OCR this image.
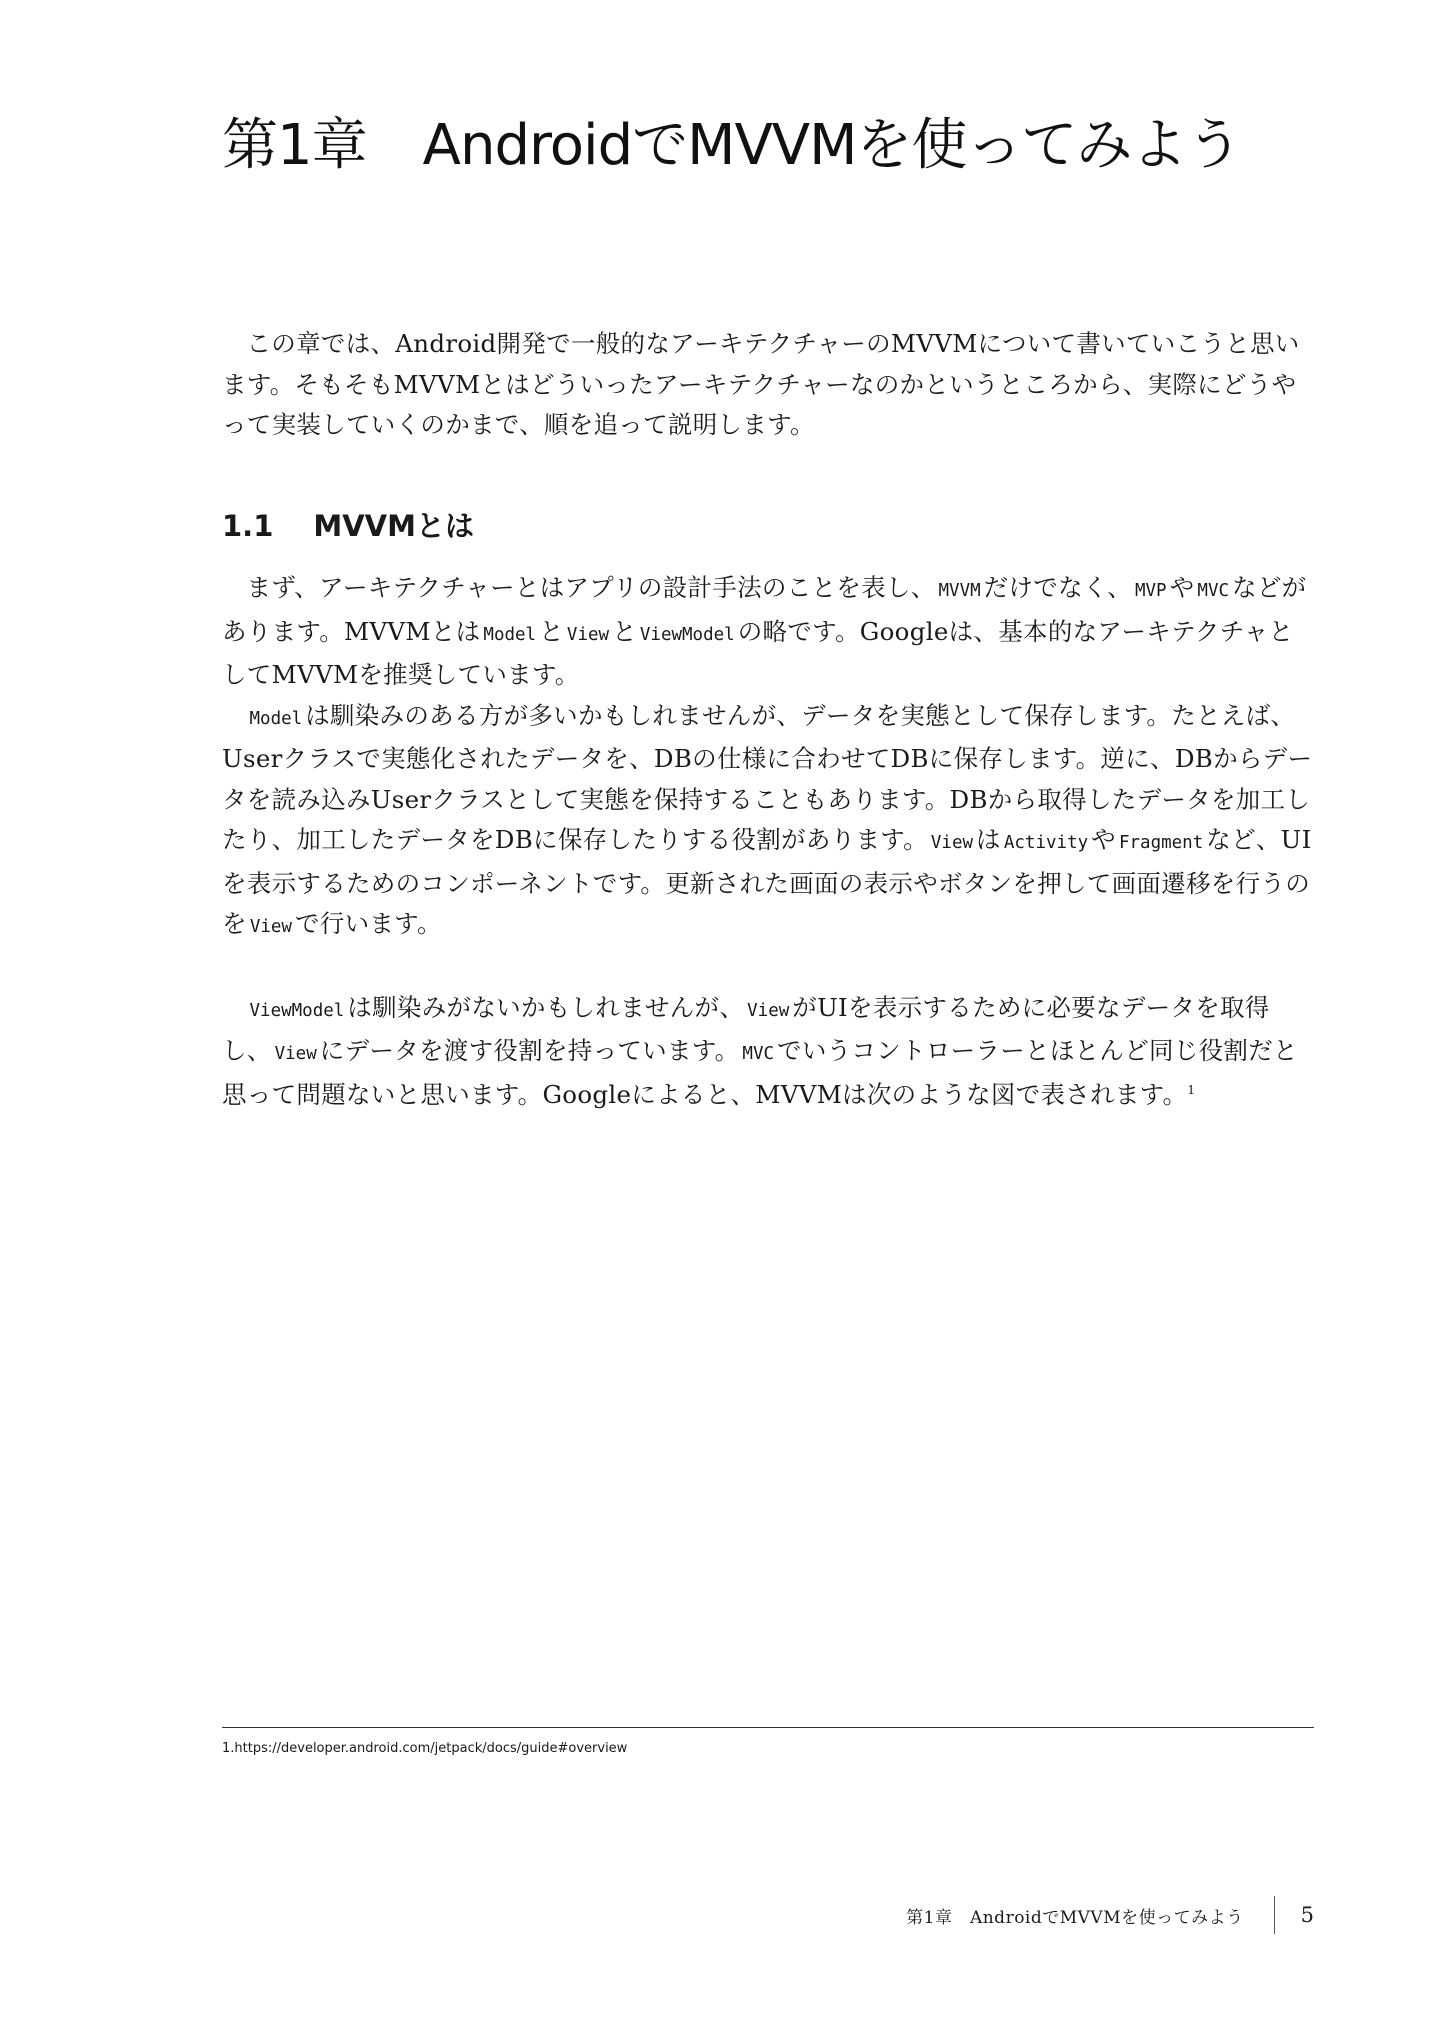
第1章 AndroidでMVVMを使ってみよう

この章では、Android開発で一般的なアーキテクチャーのMVVMについて書いていこうと思います。そもそもMVVMとはどういったアーキテクチャーなのかというところから、実際にどうやって実装していくのかまで、順を追って説明します。

1.1 MVVMとは

まず、アーキテクチャーとはアプリの設計手法のことを表し、 MVVM だけでなく、 MVP や MVC などがあります。MVVMとは Model と View と ViewModel の略です。Googleは、基本的なアーキテクチャとしてMVVMを推奨しています。

Model は馴染みのある方が多いかもしれませんが、データを実態として保存します。たとえば、Userクラスで実態化されたデータを、DBの仕様に合わせてDBに保存します。逆に、DBからデータを読み込みUserクラスとして実態を保持することもあります。DBから取得したデータを加工したり、加工したデータをDBに保存したりする役割があります。 View は Activity や Fragment など、UIを表示するためのコンポーネントです。更新された画面の表示やボタンを押して画面遷移を行うのを View で行います。

ViewModel は馴染みがないかもしれませんが、 View がUIを表示するために必要なデータを取得し、 View にデータを渡す役割を持っています。 MVC でいうコントローラーとほとんど同じ役割だと思って問題ないと思います。Googleによると、MVVMは次のような図で表されます。$^1$

1.https://developer.android.com/jetpack/docs/guide#overview
第1章　AndroidでMVVMを使ってみよう	5
